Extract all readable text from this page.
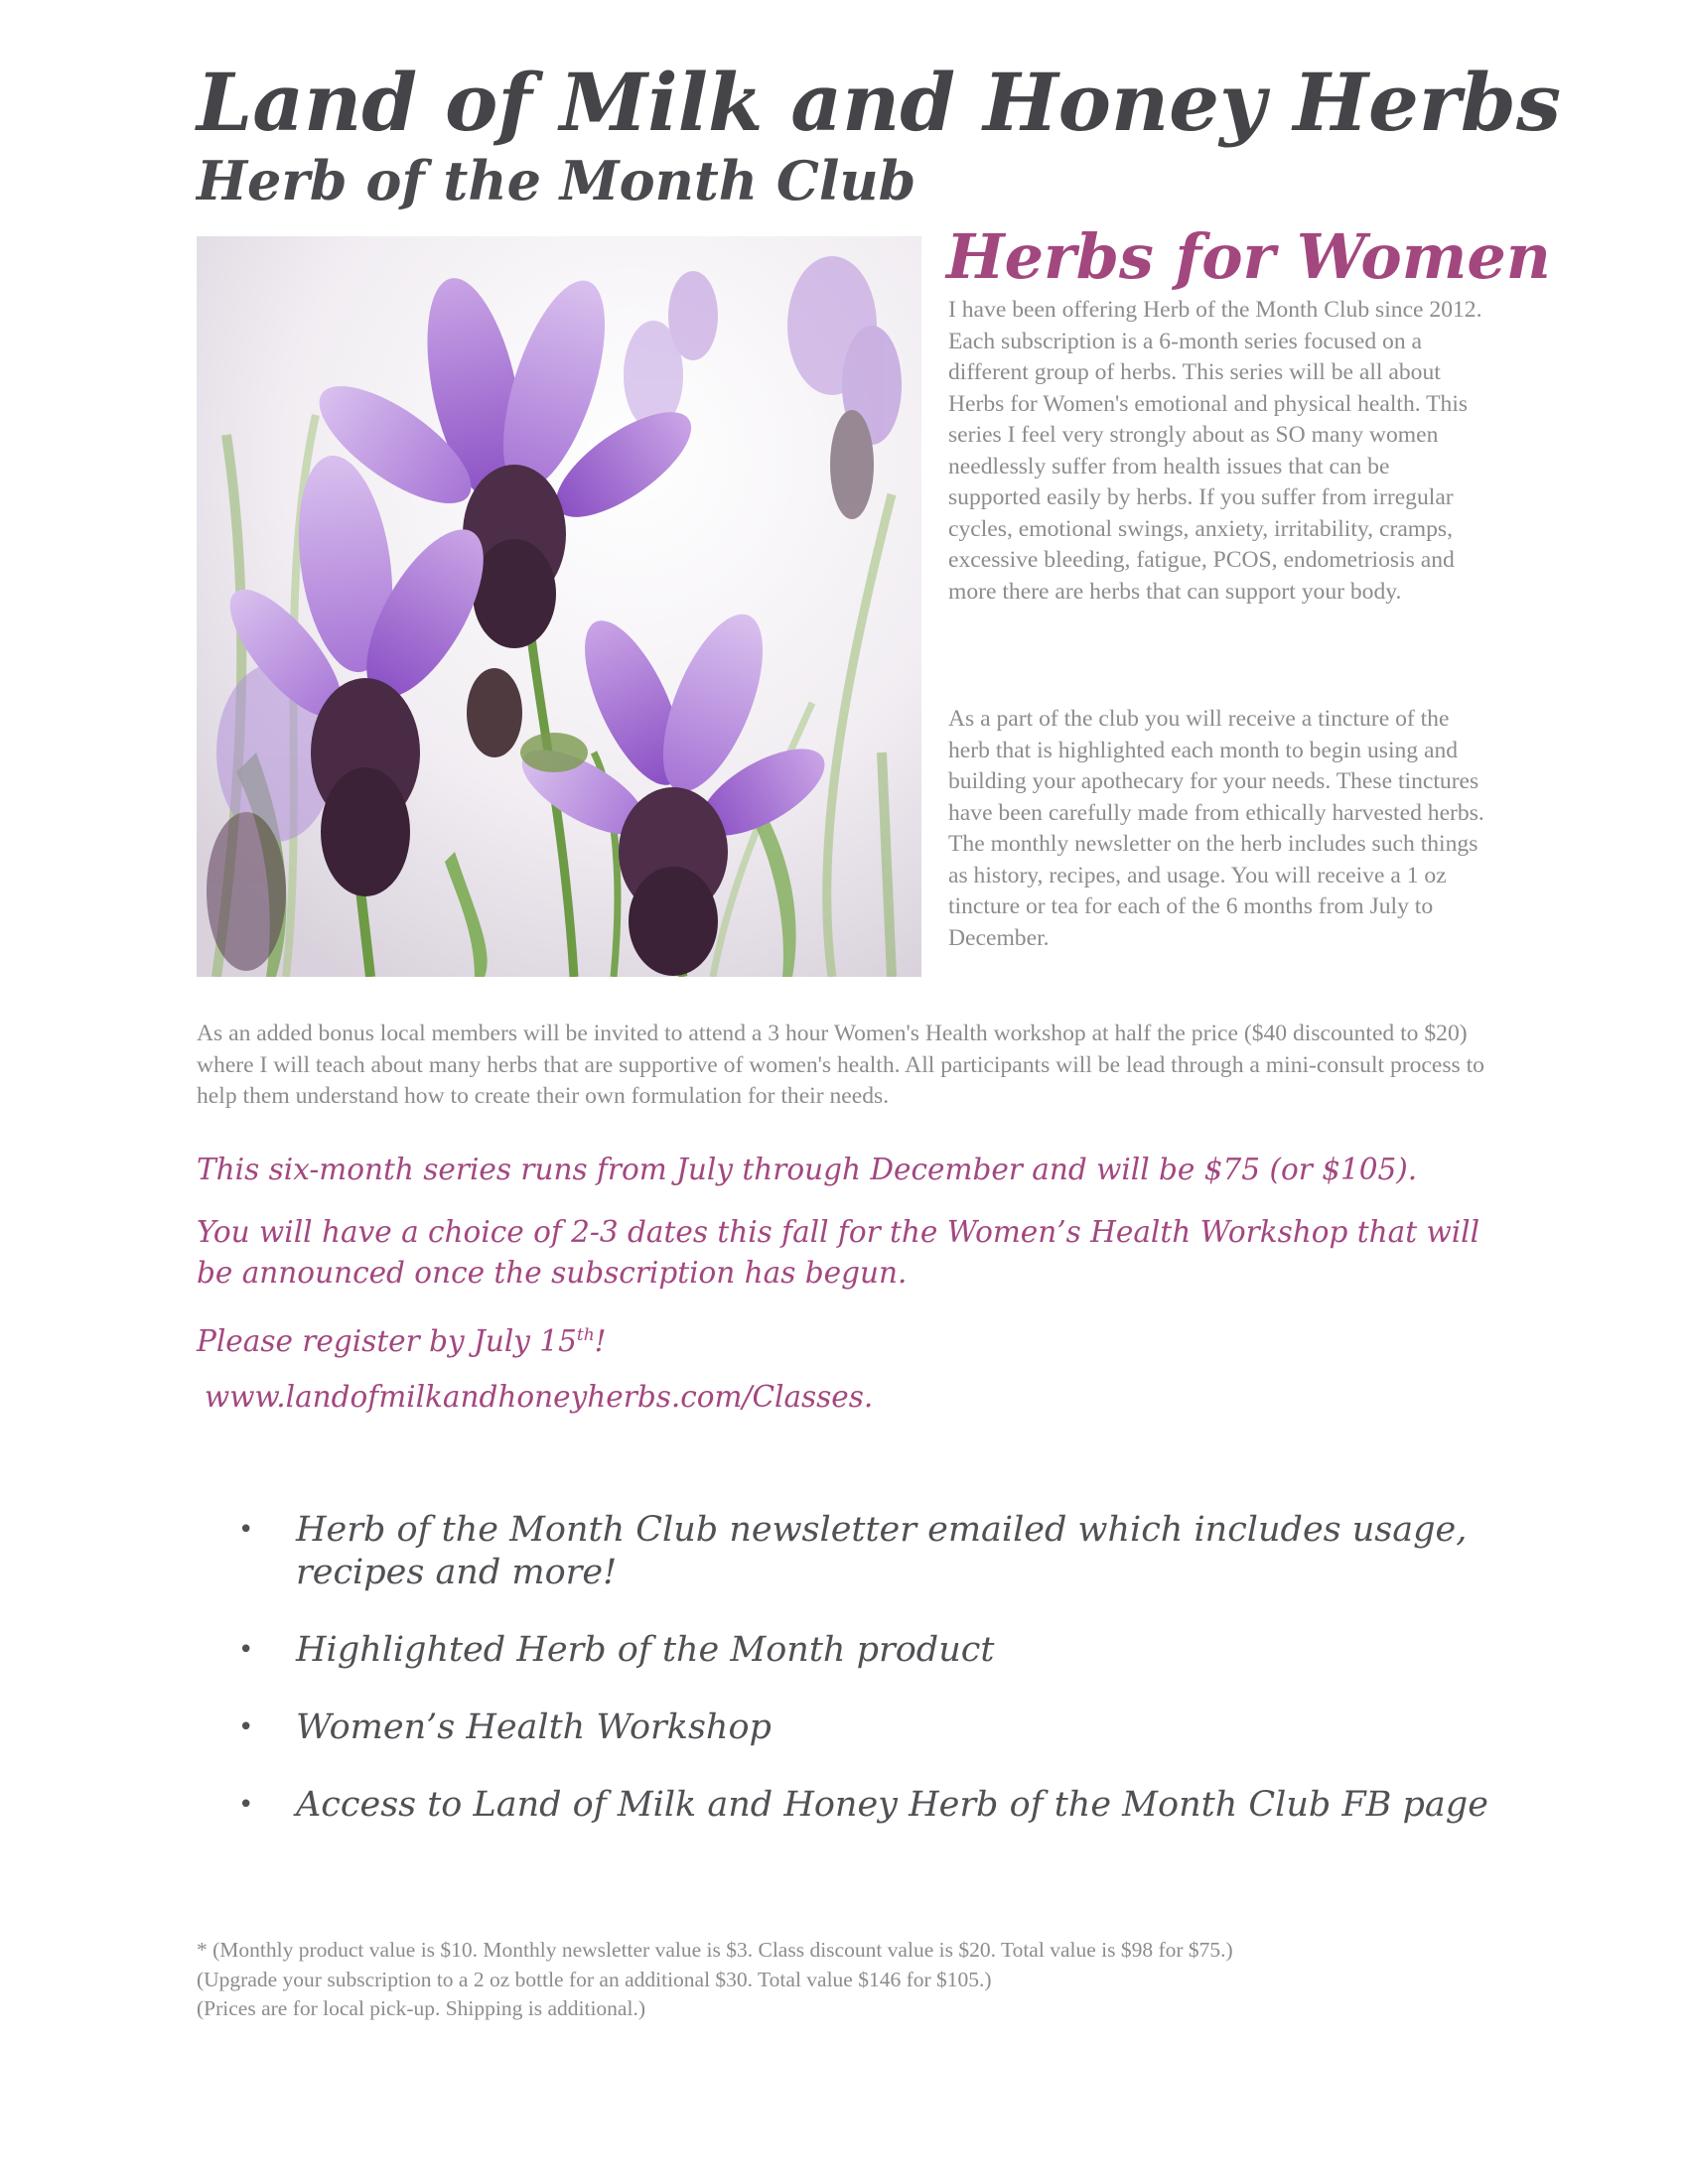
Land of Milk and Honey Herbs
Herb of the Month Club
Herbs for Women

I have been offering Herb of the Month Club since 2012. Each subscription is a 6-month series focused on a different group of herbs. This series will be all about Herbs for Women's emotional and physical health. This series I feel very strongly about as SO many women needlessly suffer from health issues that can be supported easily by herbs. If you suffer from irregular cycles, emotional swings, anxiety, irritability, cramps, excessive bleeding, fatigue, PCOS, endometriosis and more there are herbs that can support your body.

As a part of the club you will receive a tincture of the herb that is highlighted each month to begin using and building your apothecary for your needs. These tinctures have been carefully made from ethically harvested herbs. The monthly newsletter on the herb includes such things as history, recipes, and usage. You will receive a 1 oz tincture or tea for each of the 6 months from July to December.

As an added bonus local members will be invited to attend a 3 hour Women's Health workshop at half the price ($40 discounted to $20) where I will teach about many herbs that are supportive of women's health. All participants will be lead through a mini-consult process to help them understand how to create their own formulation for their needs.

This six-month series runs from July through December and will be $75 (or $105).

You will have a choice of 2-3 dates this fall for the Women’s Health Workshop that will be announced once the subscription has begun.

Please register by July 15th!

www.landofmilkandhoneyherbs.com/Classes.

• Herb of the Month Club newsletter emailed which includes usage, recipes and more!
• Highlighted Herb of the Month product
• Women’s Health Workshop
• Access to Land of Milk and Honey Herb of the Month Club FB page

* (Monthly product value is $10. Monthly newsletter value is $3. Class discount value is $20. Total value is $98 for $75.)

(Upgrade your subscription to a 2 oz bottle for an additional $30. Total value $146 for $105.)

(Prices are for local pick-up. Shipping is additional.)
